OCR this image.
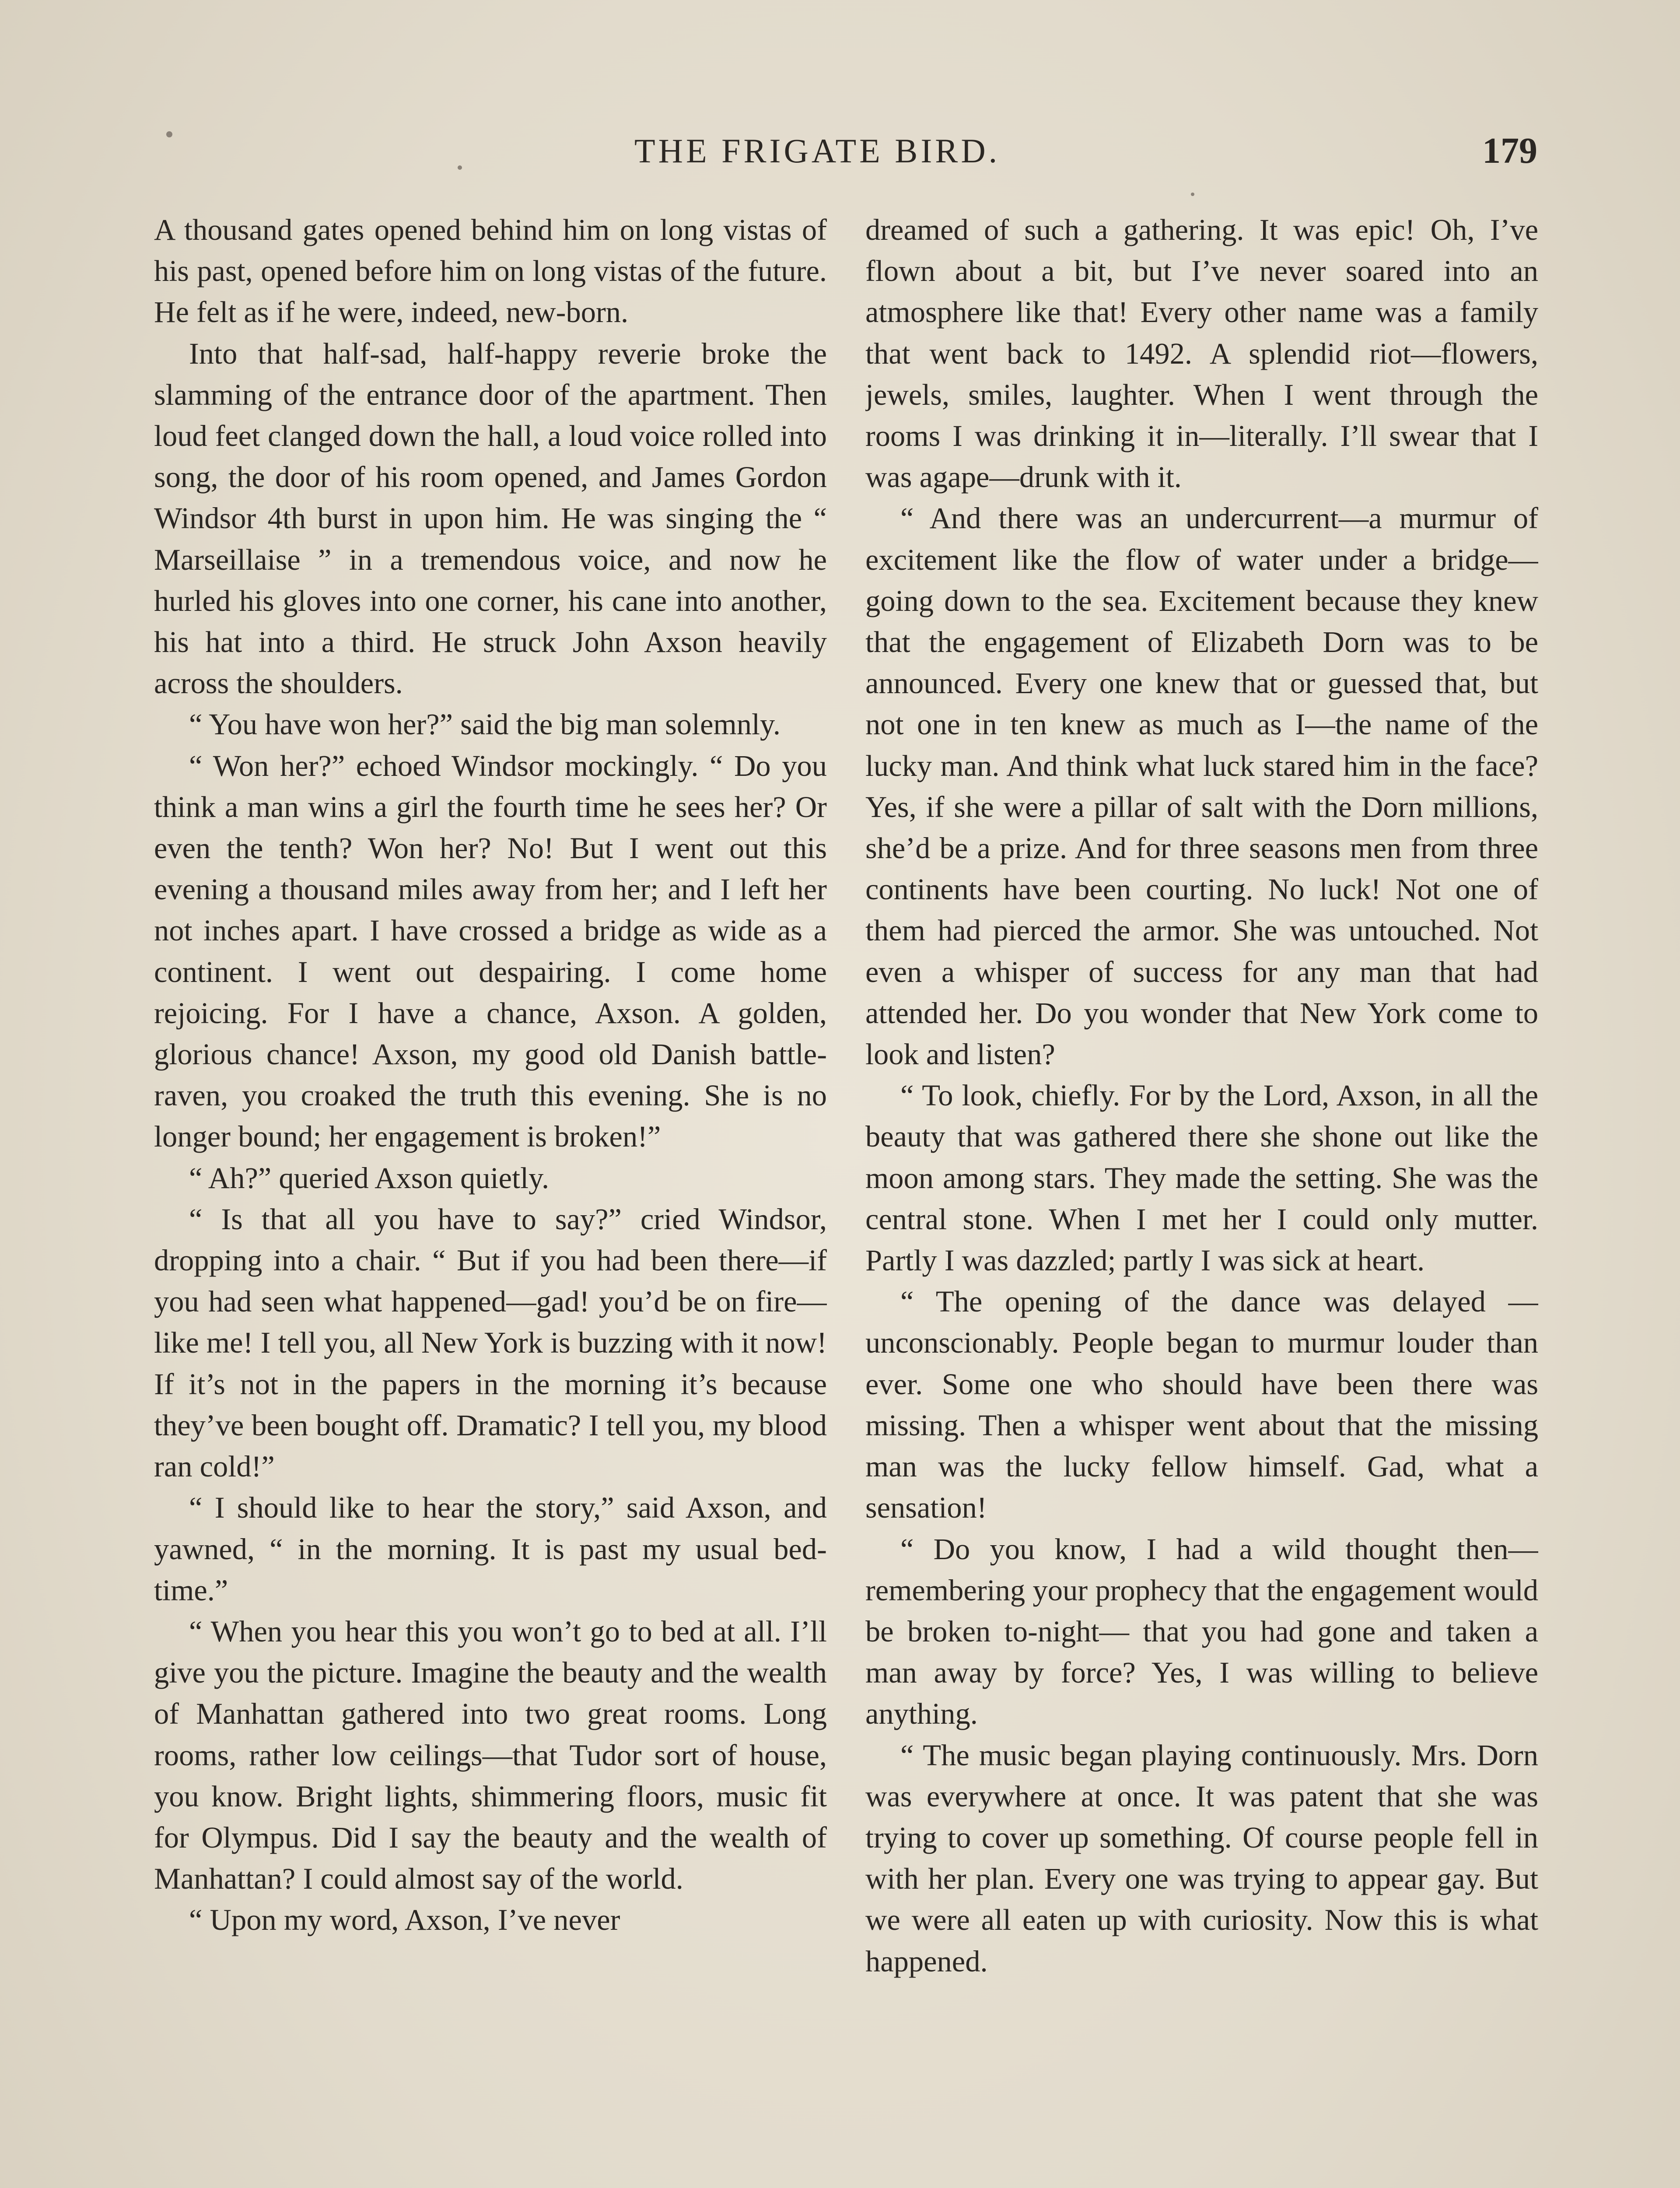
THE FRIGATE BIRD.	179

A thousand gates opened behind him on long vistas of his past, opened before him on long vistas of the future. He felt as if he were, indeed, new-born.

Into that half-sad, half-happy reverie broke the slamming of the entrance door of the apartment. Then loud feet clanged down the hall, a loud voice rolled into song, the door of his room opened, and James Gordon Windsor 4th burst in upon him. He was singing the “ Marseillaise ” in a tremendous voice, and now he hurled his gloves into one corner, his cane into another, his hat into a third. He struck John Axson heavily across the shoulders.

“ You have won her?” said the big man solemnly.

“ Won her?” echoed Windsor mockingly. “ Do you think a man wins a girl the fourth time he sees her? Or even the tenth? Won her? No! But I went out this evening a thousand miles away from her; and I left her not inches apart. I have crossed a bridge as wide as a continent. I went out despairing. I come home rejoicing. For I have a chance, Axson. A golden, glorious chance! Axson, my good old Danish battle-raven, you croaked the truth this evening. She is no longer bound; her engagement is broken!”

“ Ah?” queried Axson quietly.

“ Is that all you have to say?” cried Windsor, dropping into a chair. “ But if you had been there—if you had seen what happened—gad! you’d be on fire—like me! I tell you, all New York is buzzing with it now! If it’s not in the papers in the morning it’s because they’ve been bought off. Dramatic? I tell you, my blood ran cold!”

“ I should like to hear the story,” said Axson, and yawned, “ in the morning. It is past my usual bed-time.”

“ When you hear this you won’t go to bed at all. I’ll give you the picture. Imagine the beauty and the wealth of Manhattan gathered into two great rooms. Long rooms, rather low ceilings—that Tudor sort of house, you know. Bright lights, shimmering floors, music fit for Olympus. Did I say the beauty and the wealth of Manhattan? I could almost say of the world.

“ Upon my word, Axson, I’ve never

dreamed of such a gathering. It was epic! Oh, I’ve flown about a bit, but I’ve never soared into an atmosphere like that! Every other name was a family that went back to 1492. A splendid riot—flowers, jewels, smiles, laughter. When I went through the rooms I was drinking it in—literally. I’ll swear that I was agape—drunk with it.

“ And there was an undercurrent—a murmur of excitement like the flow of water under a bridge—going down to the sea. Excitement because they knew that the engagement of Elizabeth Dorn was to be announced. Every one knew that or guessed that, but not one in ten knew as much as I—the name of the lucky man. And think what luck stared him in the face? Yes, if she were a pillar of salt with the Dorn millions, she’d be a prize. And for three seasons men from three continents have been courting. No luck! Not one of them had pierced the armor. She was untouched. Not even a whisper of success for any man that had attended her. Do you wonder that New York come to look and listen?

“ To look, chiefly. For by the Lord, Axson, in all the beauty that was gathered there she shone out like the moon among stars. They made the setting. She was the central stone. When I met her I could only mutter. Partly I was dazzled; partly I was sick at heart.

“ The opening of the dance was delayed —unconscionably. People began to murmur louder than ever. Some one who should have been there was missing. Then a whisper went about that the missing man was the lucky fellow himself. Gad, what a sensation!

“ Do you know, I had a wild thought then—remembering your prophecy that the engagement would be broken to-night— that you had gone and taken a man away by force? Yes, I was willing to believe anything.

“ The music began playing continuously. Mrs. Dorn was everywhere at once. It was patent that she was trying to cover up something. Of course people fell in with her plan. Every one was trying to appear gay. But we were all eaten up with curiosity. Now this is what happened.
